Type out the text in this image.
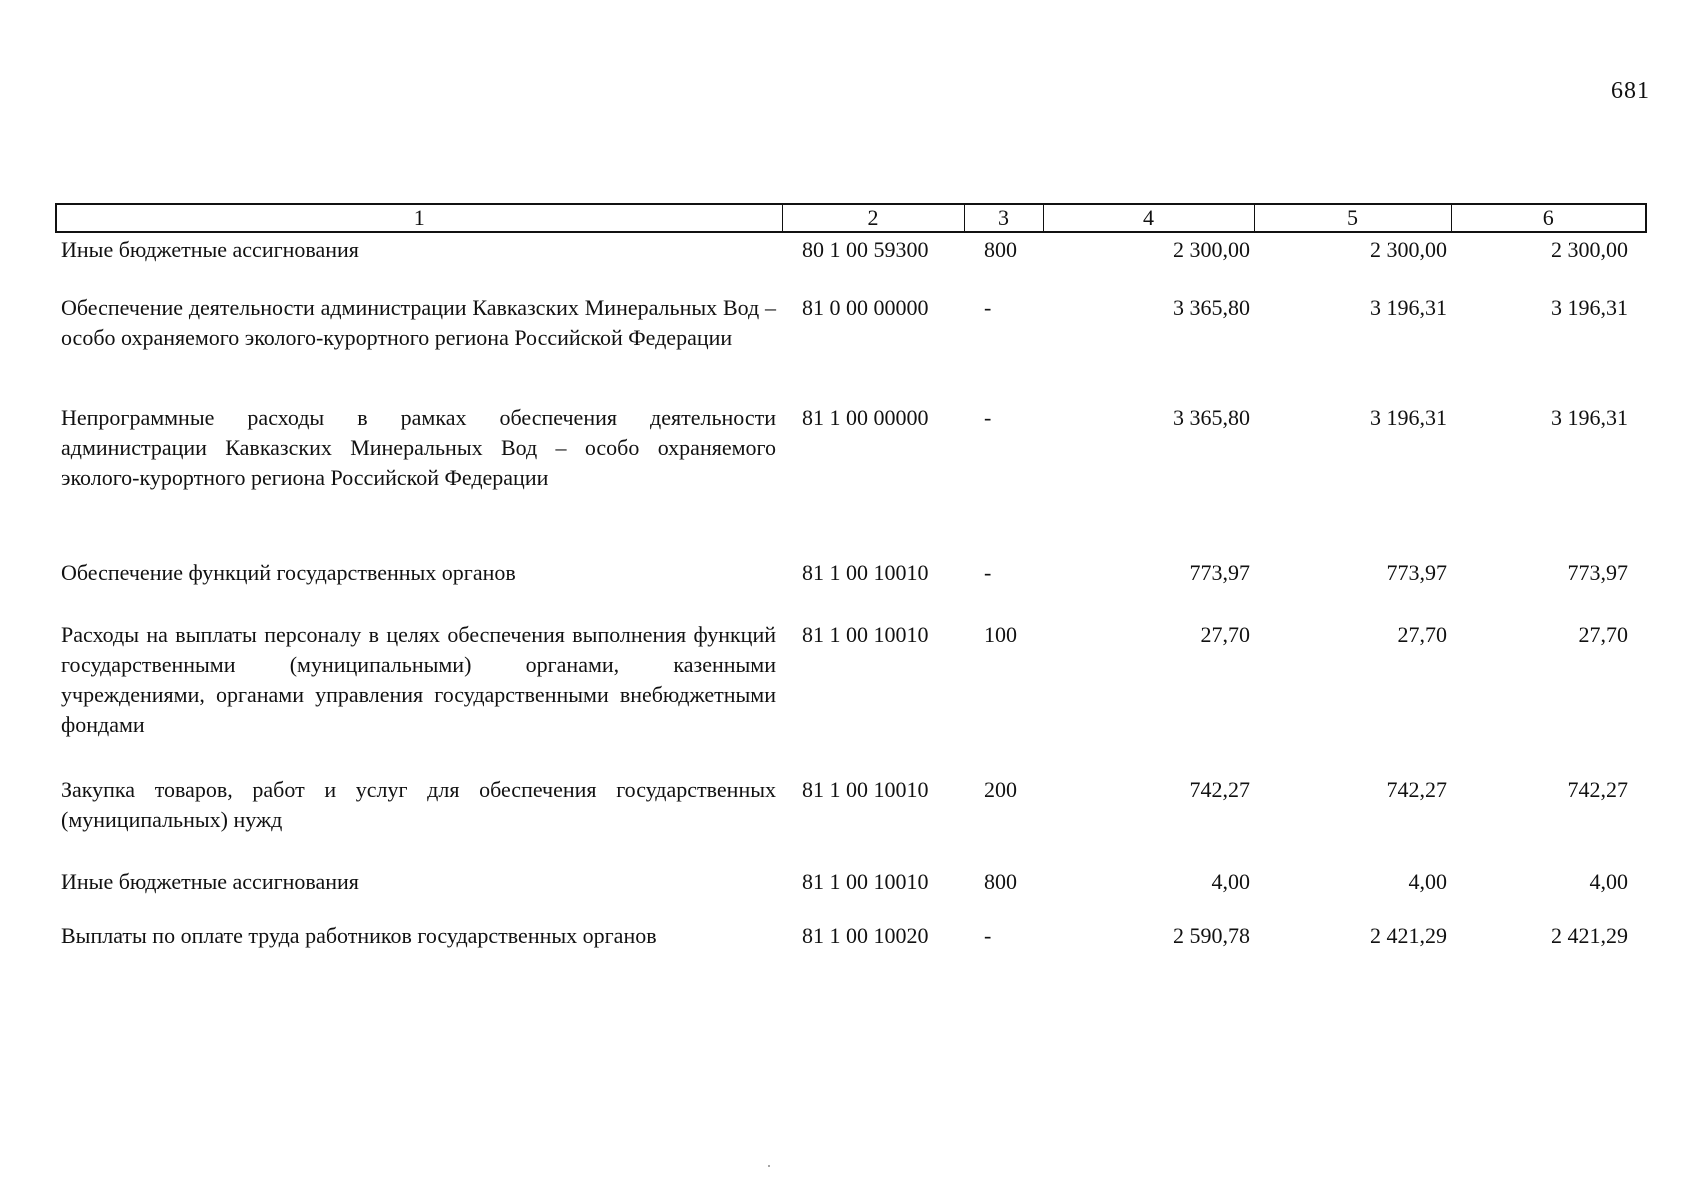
681
1	2	3	4	5	6
Иные бюджетные ассигнования	80 1 00 59300	800	2 300,00	2 300,00	2 300,00
Обеспечение деятельности администрации Кавказских Минеральных Вод – особо охраняемого эколого-курортного региона Российской Федерации	81 0 00 00000	-	3 365,80	3 196,31	3 196,31
Непрограммные расходы в рамках обеспечения деятельности администрации Кавказских Минеральных Вод – особо охраняемого эколого-курортного региона Российской Федерации	81 1 00 00000	-	3 365,80	3 196,31	3 196,31
Обеспечение функций государственных органов	81 1 00 10010	-	773,97	773,97	773,97
Расходы на выплаты персоналу в целях обеспечения выполнения функций государственными (муниципальными) органами, казенными учреждениями, органами управления государственными внебюджетными фондами	81 1 00 10010	100	27,70	27,70	27,70
Закупка товаров, работ и услуг для обеспечения государственных (муниципальных) нужд	81 1 00 10010	200	742,27	742,27	742,27
Иные бюджетные ассигнования	81 1 00 10010	800	4,00	4,00	4,00
Выплаты по оплате труда работников государственных органов	81 1 00 10020	-	2 590,78	2 421,29	2 421,29
